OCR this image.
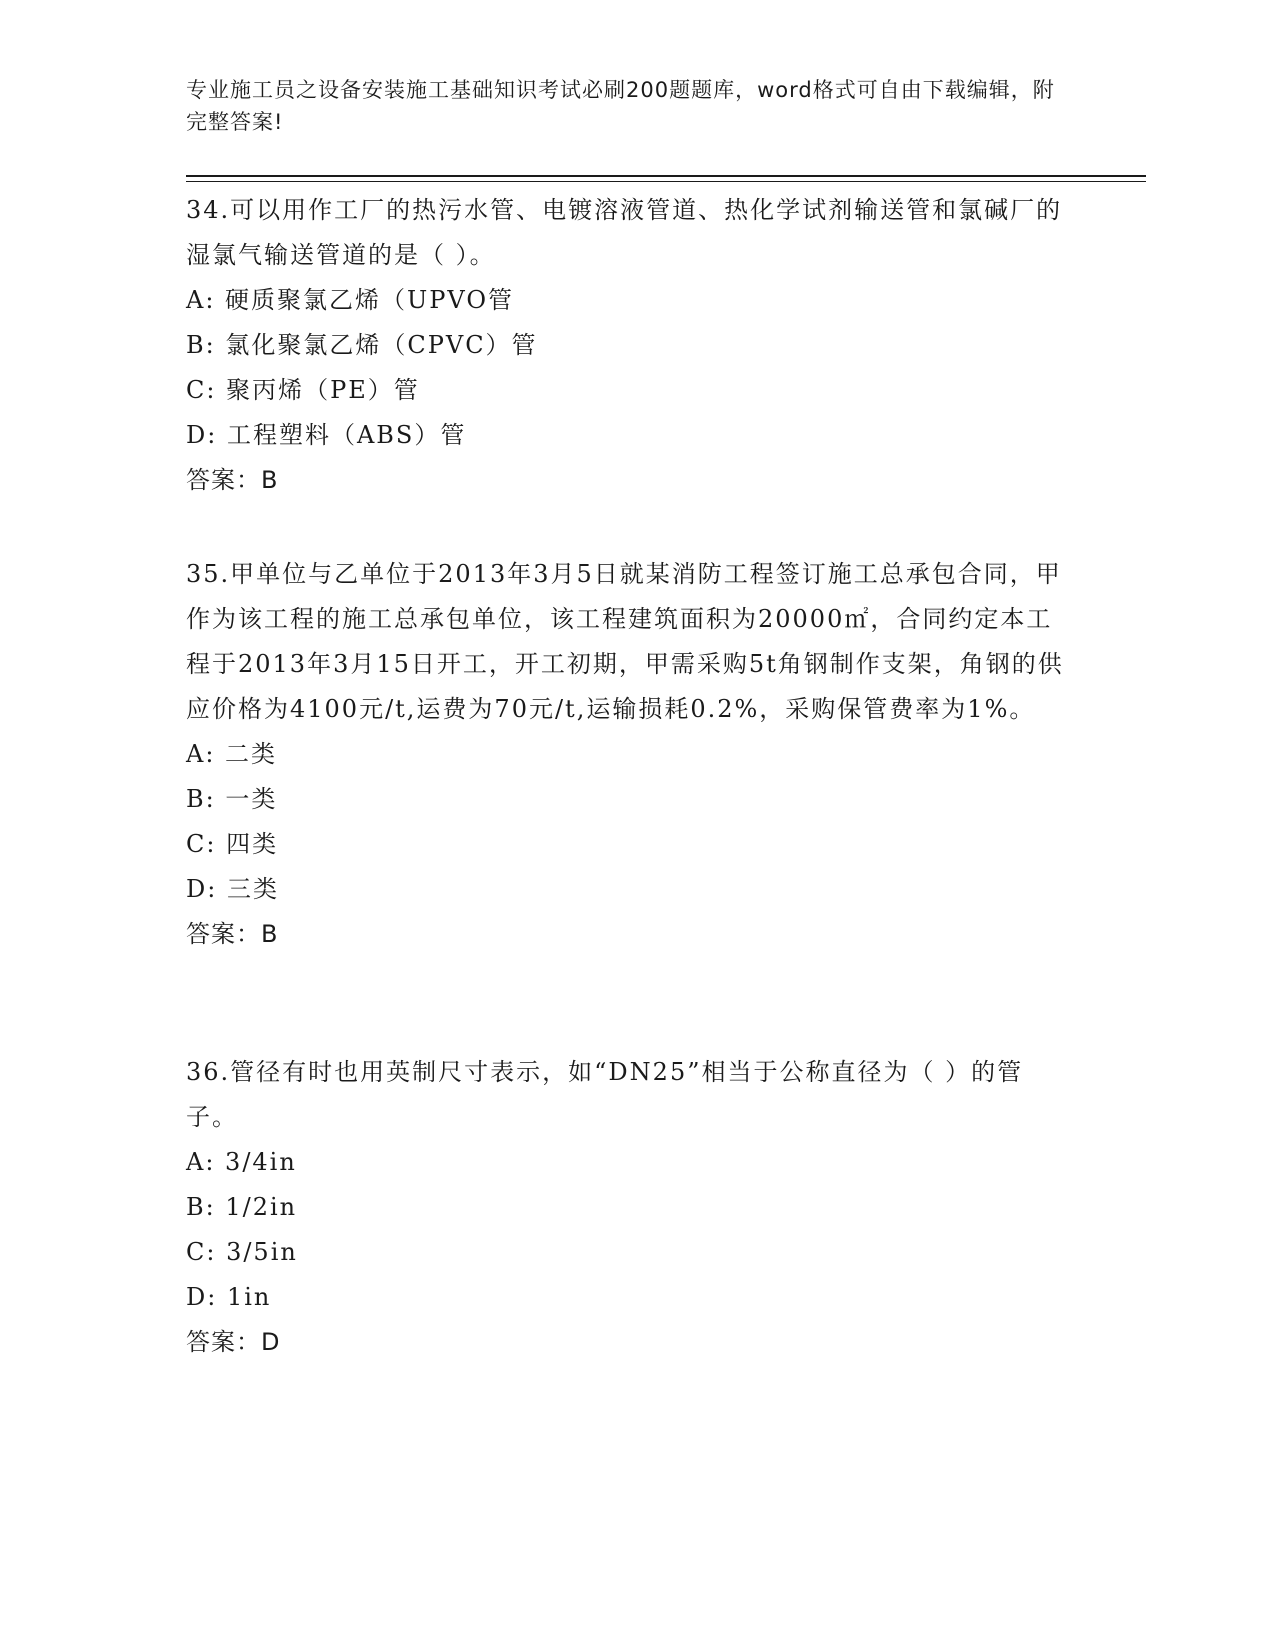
专业施工员之设备安装施工基础知识考试必刷200题题库，word格式可自由下载编辑，附完整答案!
34.可以用作工厂的热污水管、电镀溶液管道、热化学试剂输送管和氯碱厂的湿氯气输送管道的是（ ）。
A: 硬质聚氯乙烯（UPVO管
B: 氯化聚氯乙烯（CPVC）管
C: 聚丙烯（PE）管
D: 工程塑料（ABS）管
答案：B
35.甲单位与乙单位于2013年3月5日就某消防工程签订施工总承包合同，甲作为该工程的施工总承包单位，该工程建筑面积为20000㎡，合同约定本工程于2013年3月15日开工，开工初期，甲需采购5t角钢制作支架，角钢的供应价格为4100元/t,运费为70元/t,运输损耗0.2%，采购保管费率为1%。
A: 二类
B: 一类
C: 四类
D: 三类
答案：B
36.管径有时也用英制尺寸表示，如“DN25”相当于公称直径为（ ）的管子。
A: 3/4in
B: 1/2in
C: 3/5in
D: 1in
答案：D
